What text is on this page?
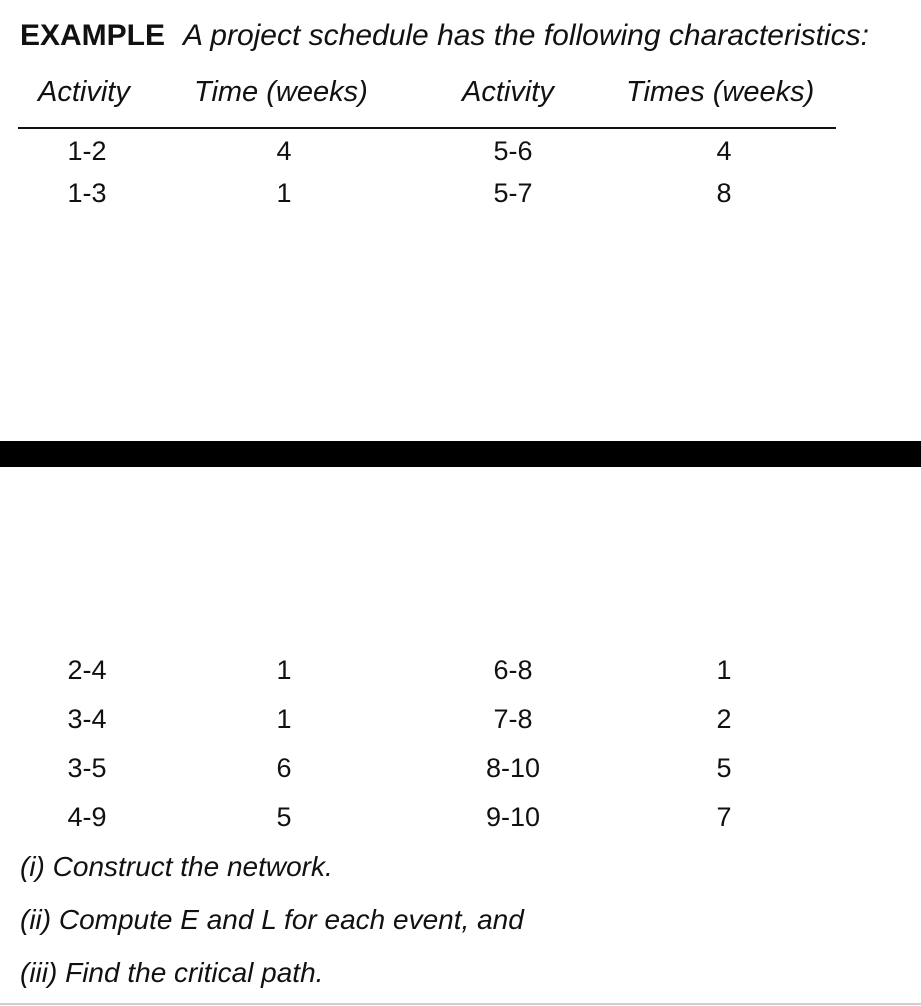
EXAMPLE A project schedule has the following characteristics:
Activity Time (weeks)	Activity Times (weeks)
1-2	4	5-6	4
1-3	1	5-7	8
2-4	1	6-8	1
3-4	1	7-8	2
3-5	6	8-10	5
4-9	5	9-10	7
(i) Construct the network.
(ii) Compute E and L for each event, and
(iii) Find the critical path.
